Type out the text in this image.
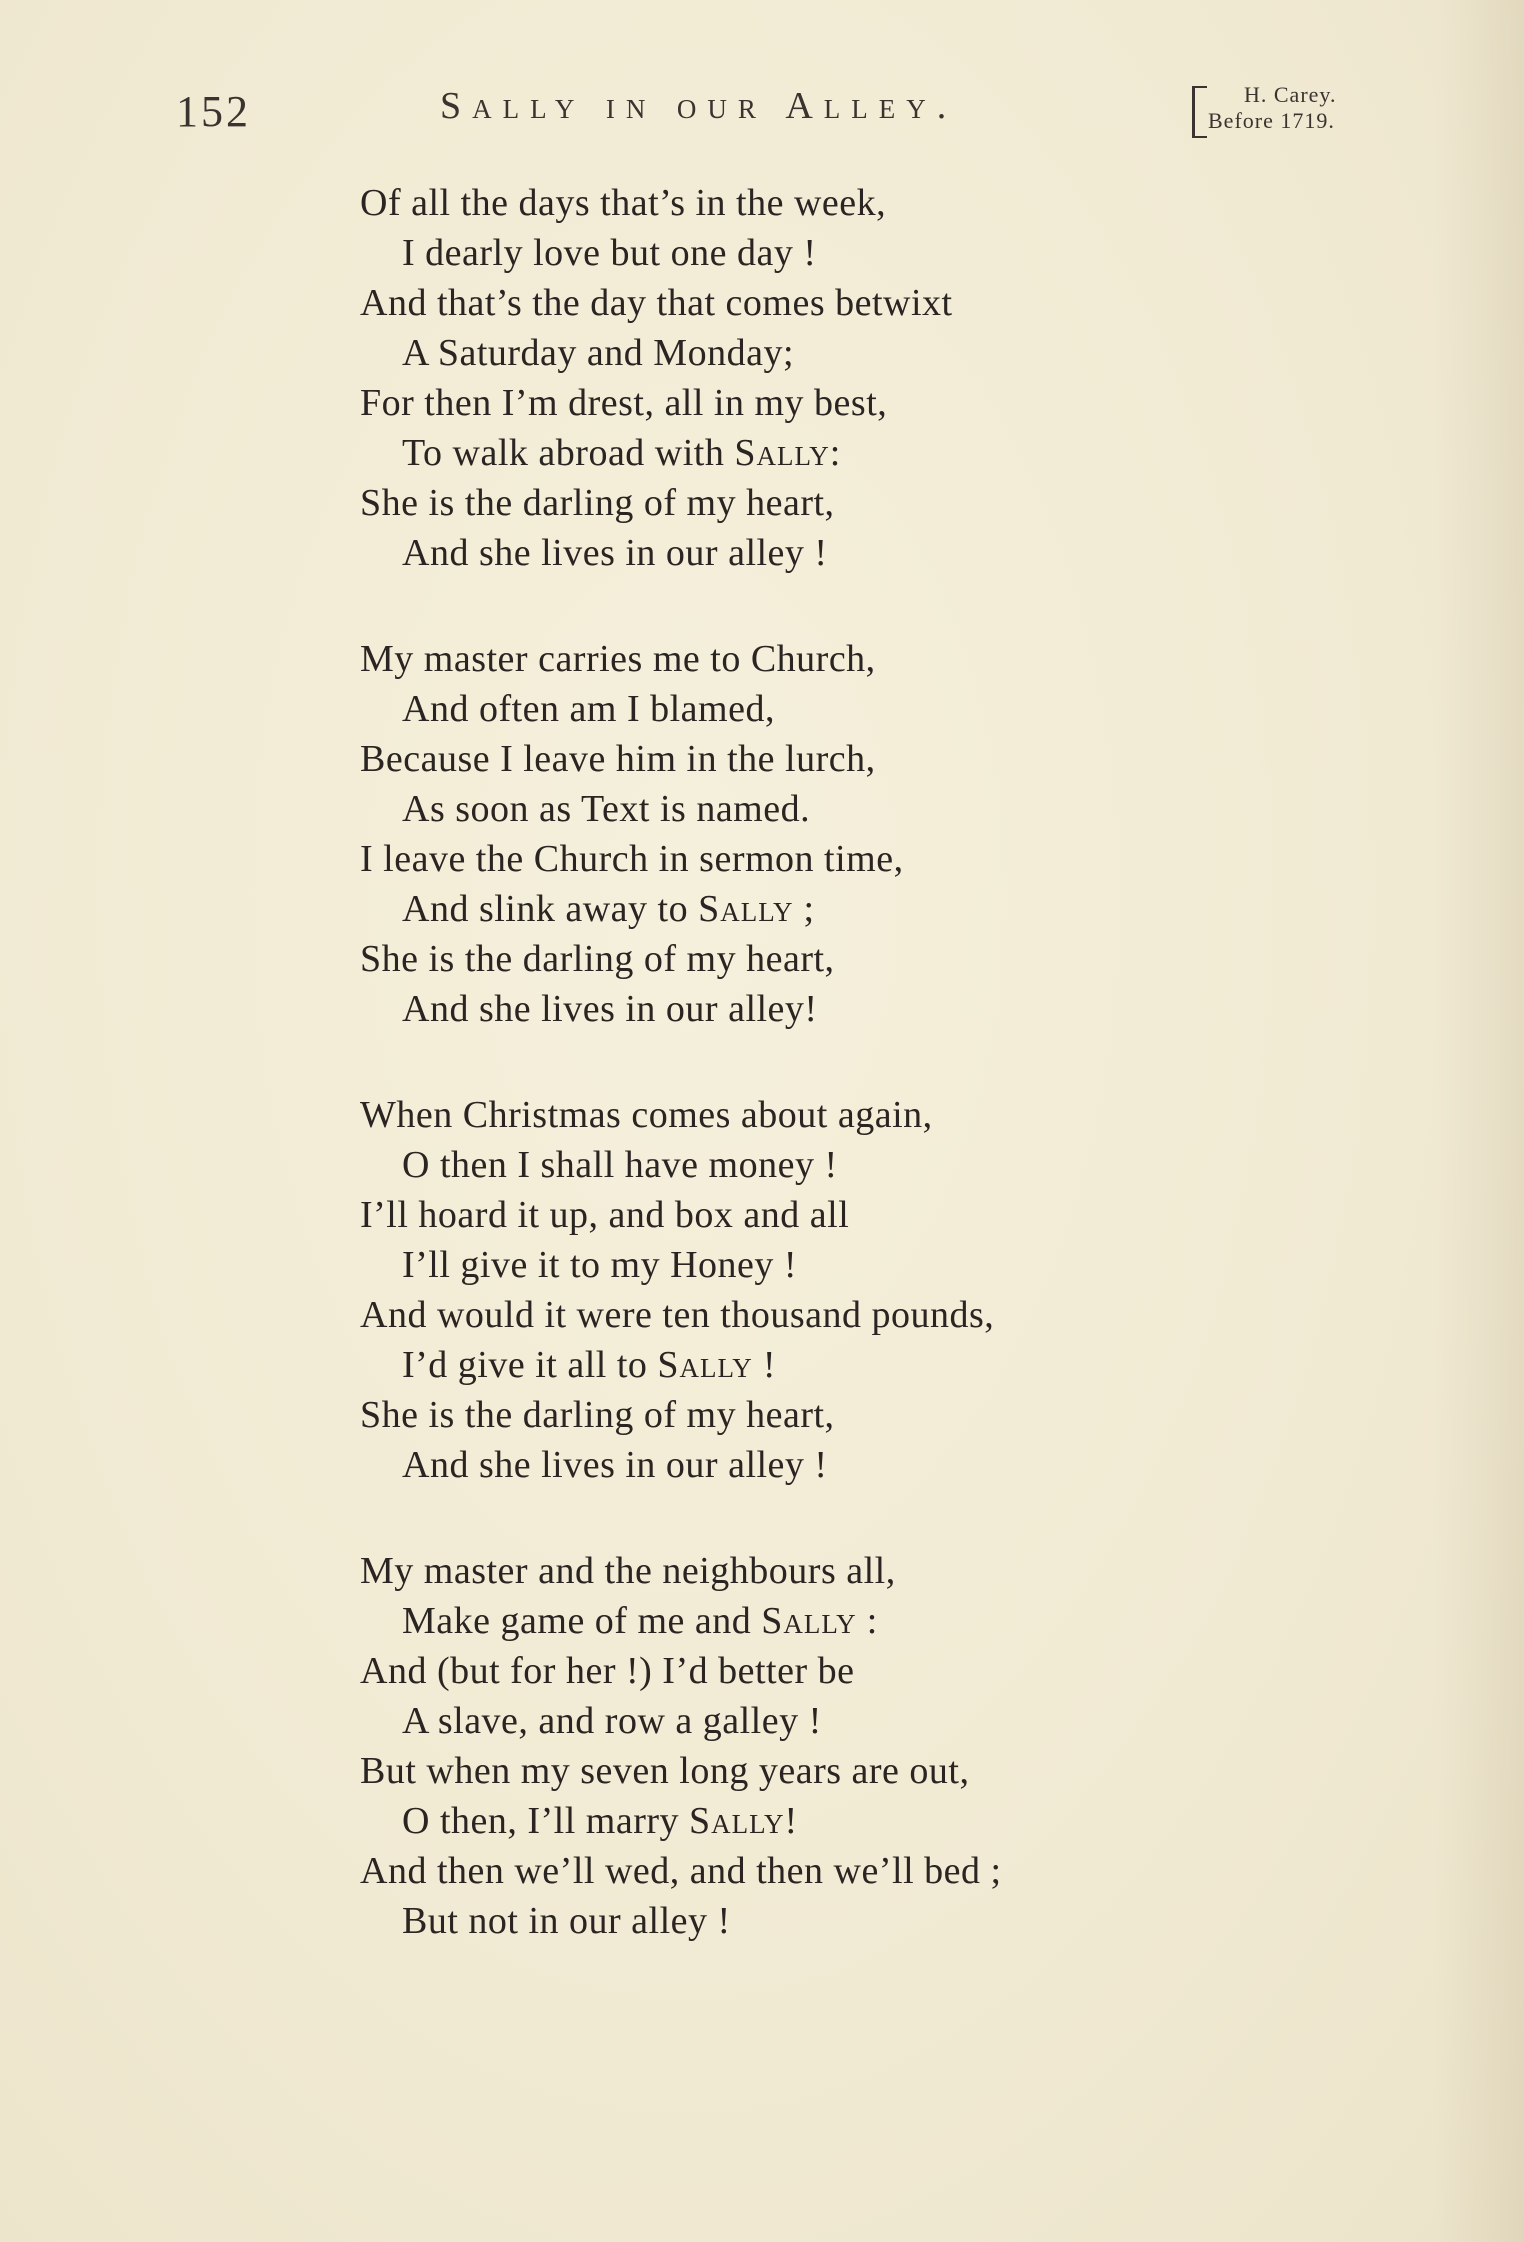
152	Sally in our Alley.	H. Carey.
Before 1719.
Of all the days that’s in the week,
I dearly love but one day !
And that’s the day that comes betwixt
A Saturday and Monday;
For then I’m drest, all in my best,
To walk abroad with Sally:
She is the darling of my heart,
And she lives in our alley !
My master carries me to Church,
And often am I blamed,
Because I leave him in the lurch,
As soon as Text is named.
I leave the Church in sermon time,
And slink away to Sally ;
She is the darling of my heart,
And she lives in our alley!
When Christmas comes about again,
O then I shall have money !
I’ll hoard it up, and box and all
I’ll give it to my Honey !
And would it were ten thousand pounds,
I’d give it all to Sally !
She is the darling of my heart,
And she lives in our alley !
My master and the neighbours all,
Make game of me and Sally :
And (but for her !) I’d better be
A slave, and row a galley !
But when my seven long years are out,
O then, I’ll marry Sally!
And then we’ll wed, and then we’ll bed ;
But not in our alley !
